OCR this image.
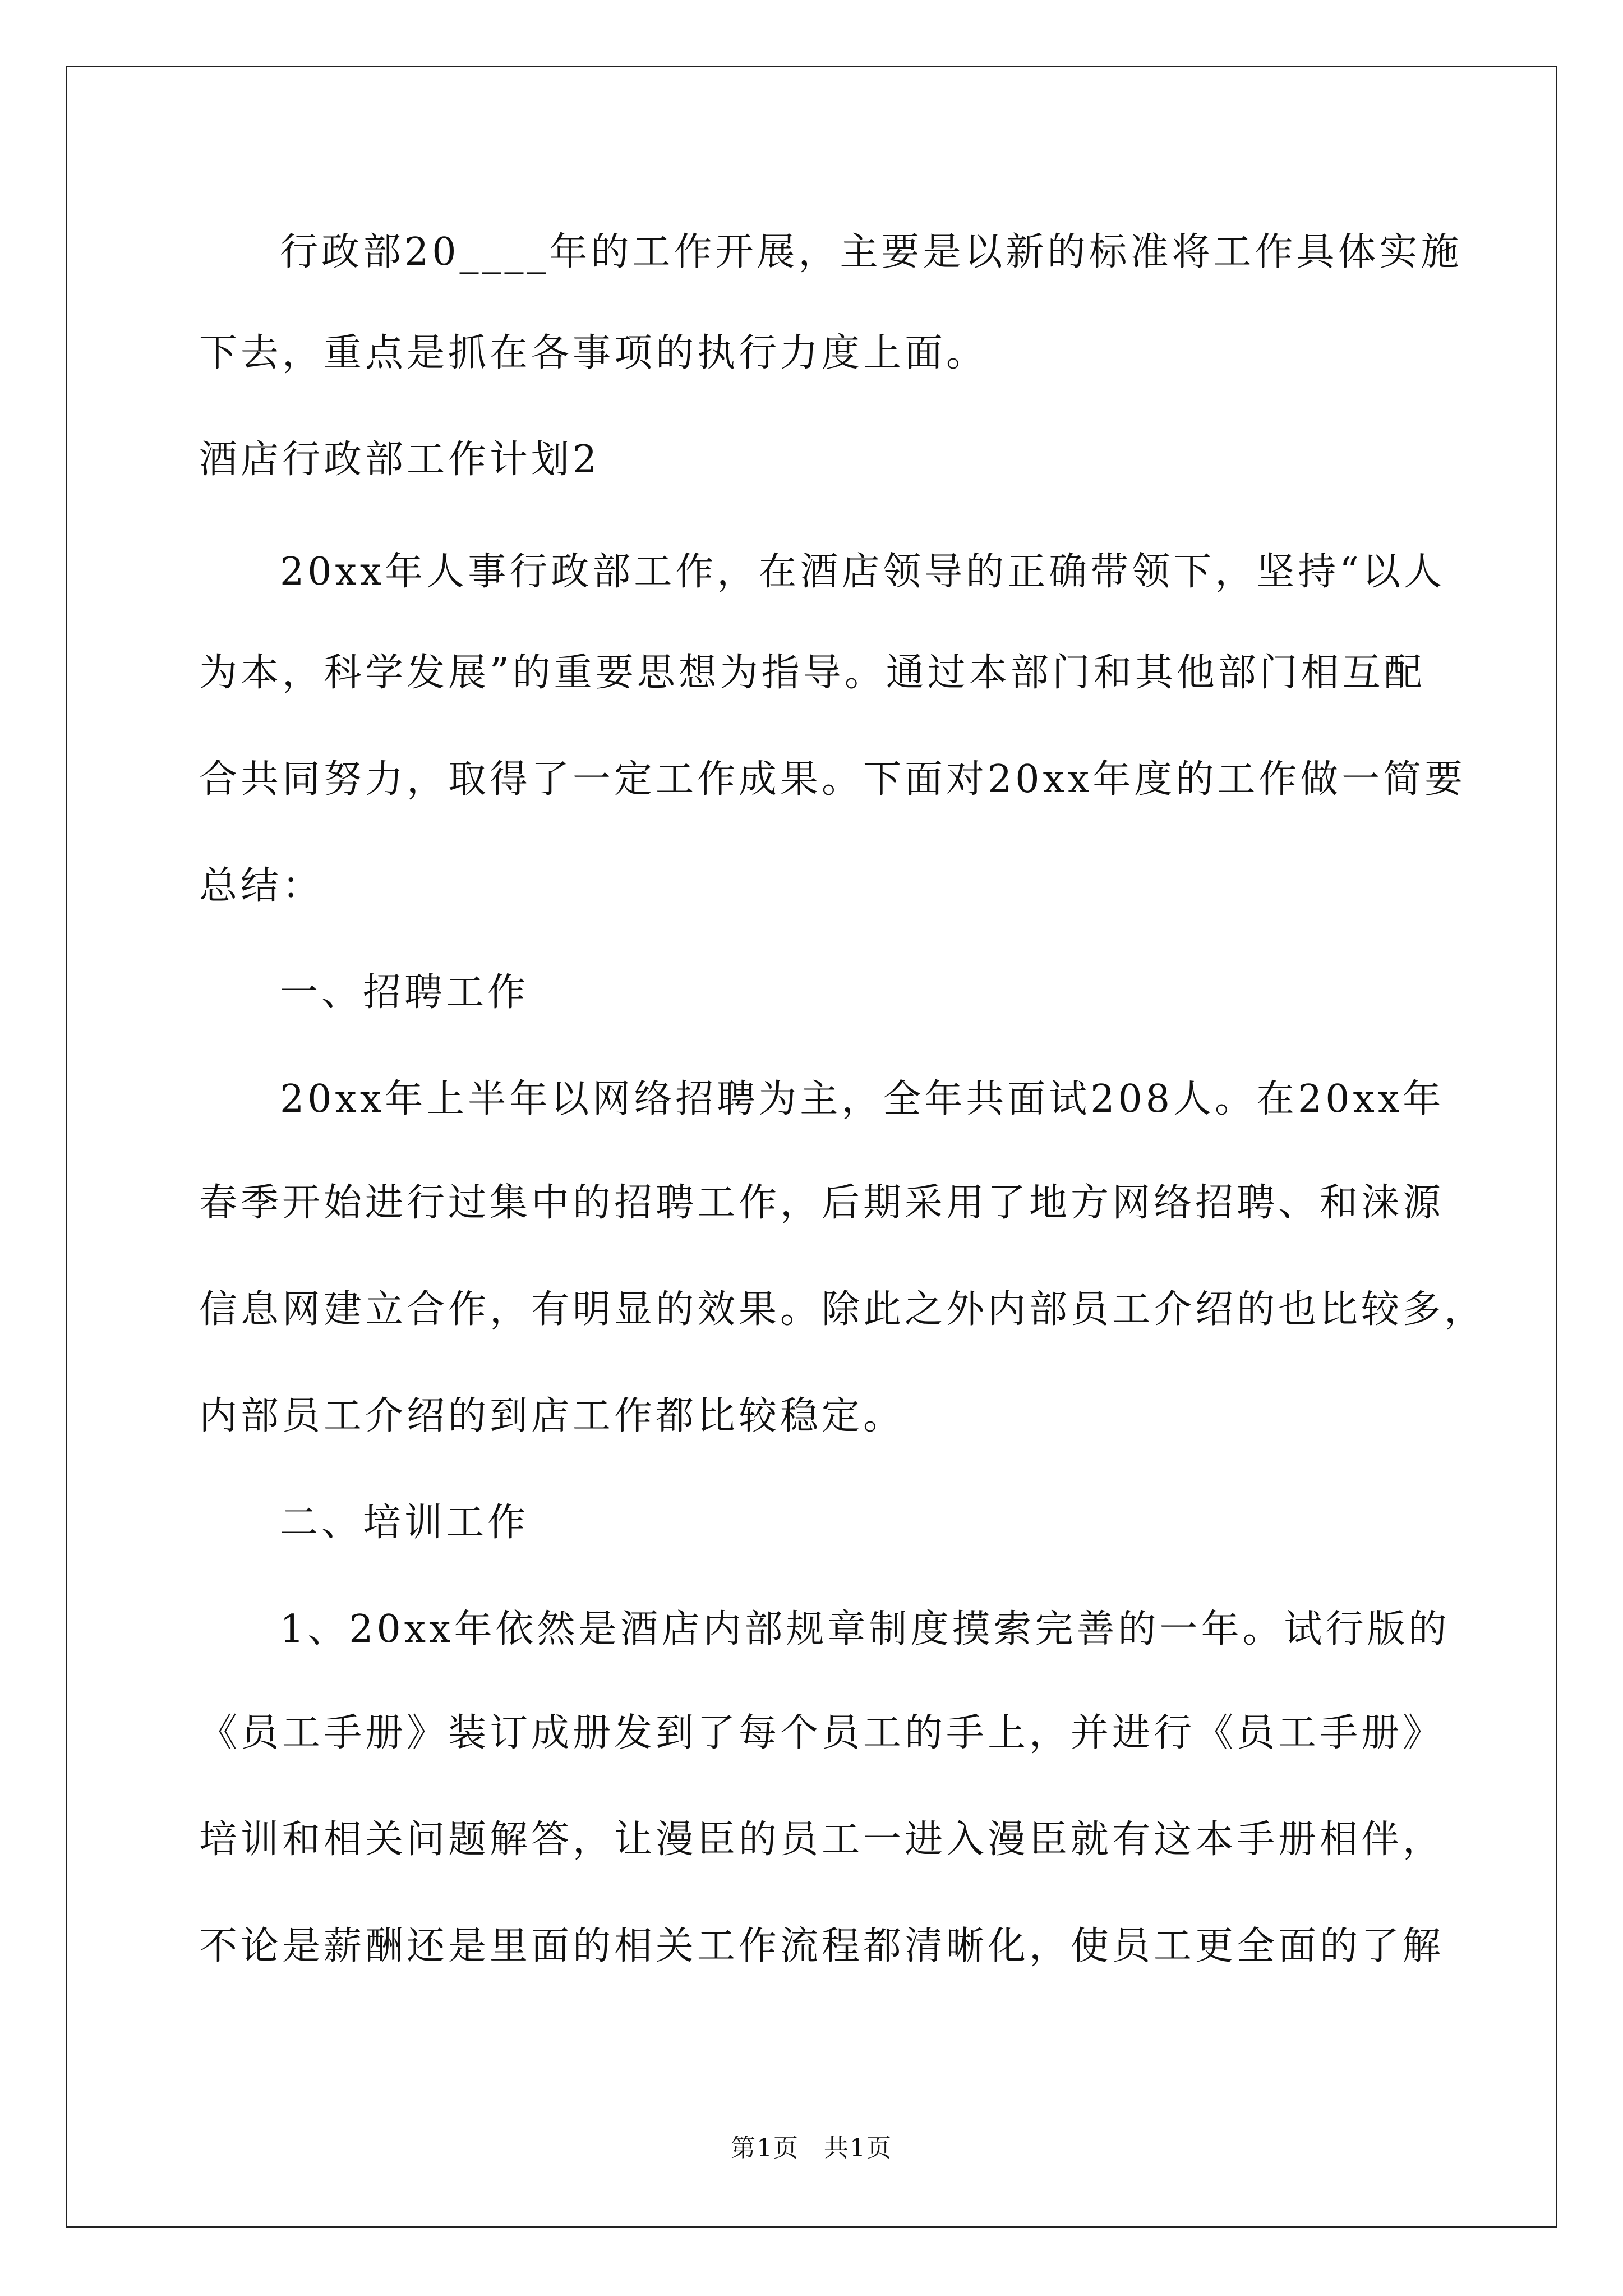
行政部20____年的工作开展，主要是以新的标准将工作具体实施
下去，重点是抓在各事项的执行力度上面。
酒店行政部工作计划2
20xx年人事行政部工作，在酒店领导的正确带领下，坚持“以人
为本，科学发展”的重要思想为指导。通过本部门和其他部门相互配
合共同努力，取得了一定工作成果。下面对20xx年度的工作做一简要
总结：
一、招聘工作
20xx年上半年以网络招聘为主，全年共面试208人。在20xx年
春季开始进行过集中的招聘工作，后期采用了地方网络招聘、和涞源
信息网建立合作，有明显的效果。除此之外内部员工介绍的也比较多，
内部员工介绍的到店工作都比较稳定。
二、培训工作
1、20xx年依然是酒店内部规章制度摸索完善的一年。试行版的
《员工手册》装订成册发到了每个员工的手上，并进行《员工手册》
培训和相关问题解答，让漫臣的员工一进入漫臣就有这本手册相伴，
不论是薪酬还是里面的相关工作流程都清晰化，使员工更全面的了解
第1页 共1页
